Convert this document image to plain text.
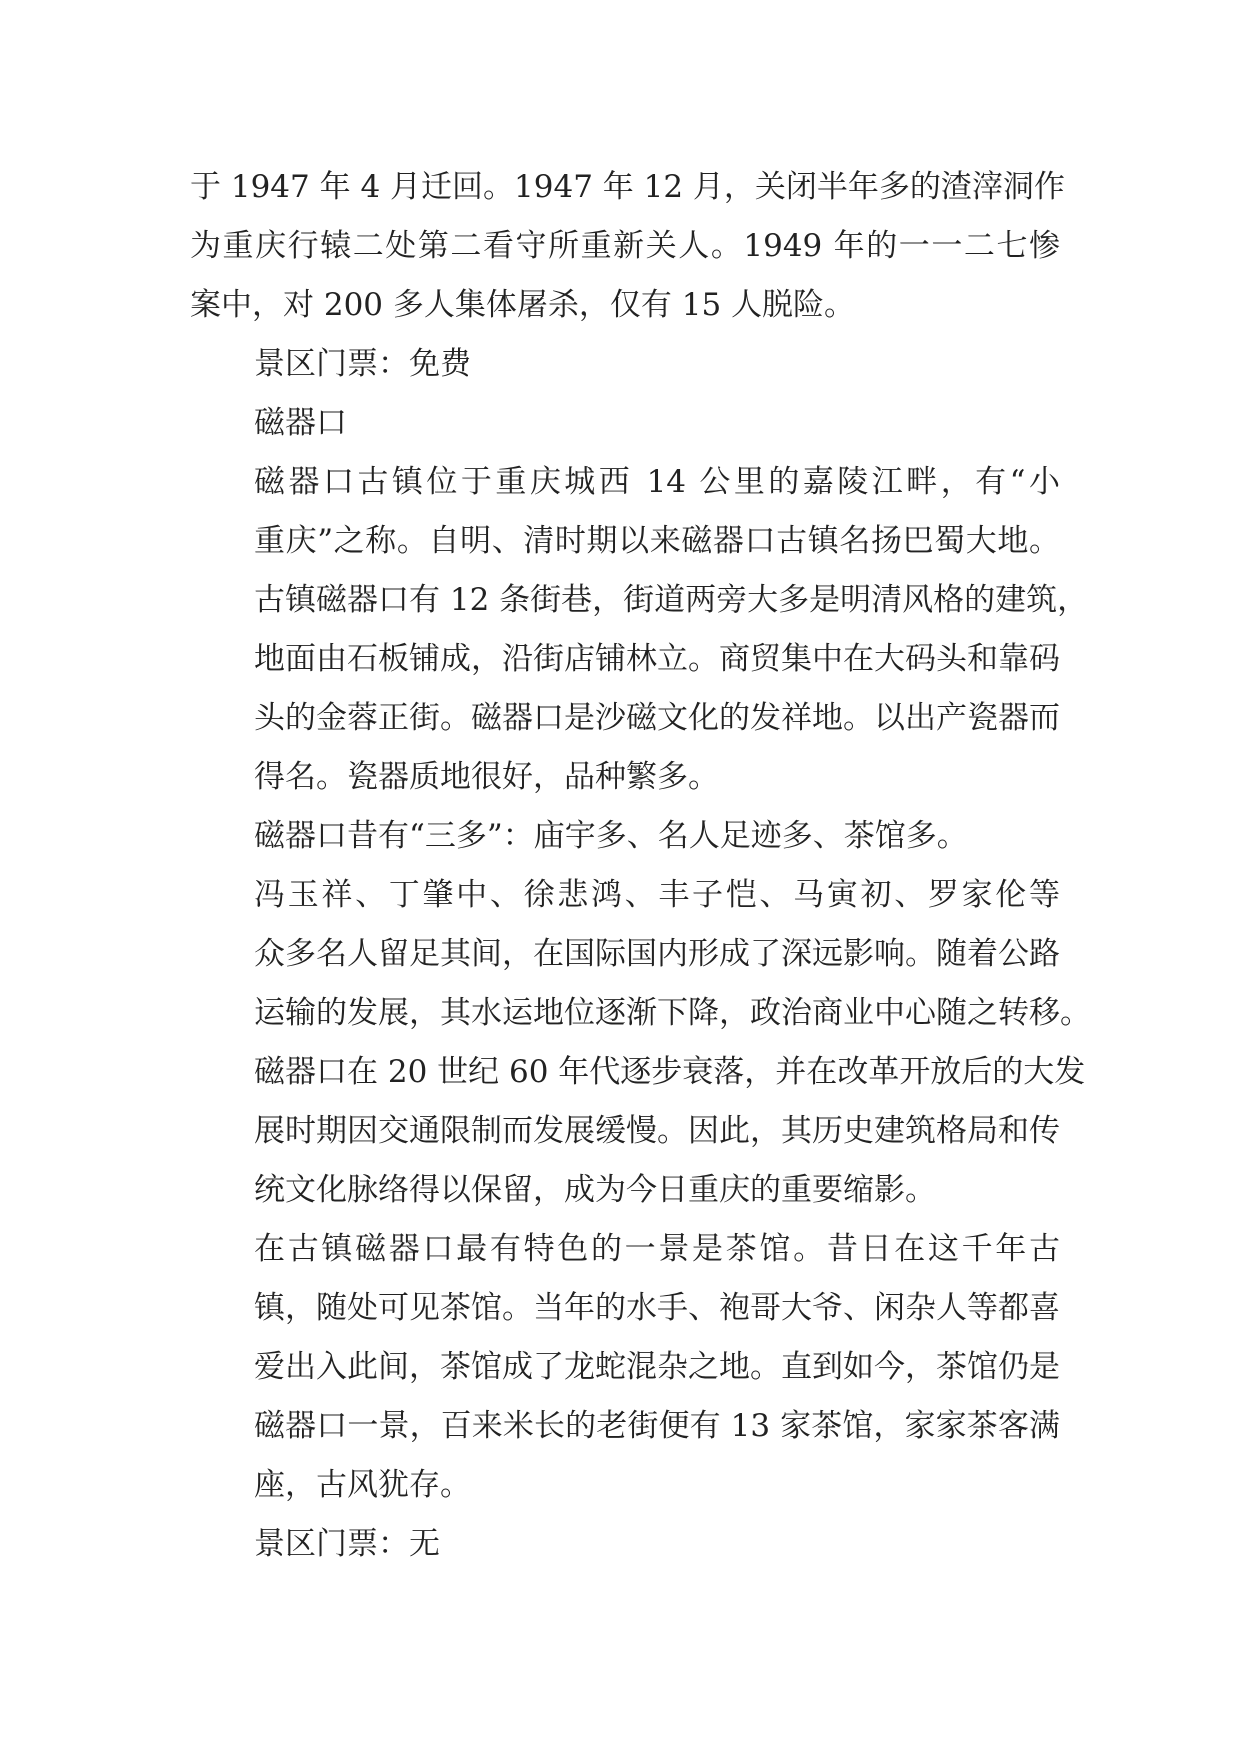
于 1947 年 4 月迁回。1947 年 12 月，关闭半年多的渣滓洞作
为重庆行辕二处第二看守所重新关人。1949 年的一一二七惨
案中，对 200 多人集体屠杀，仅有 15 人脱险。

景区门票：免费

磁器口

磁器口古镇位于重庆城西 14 公里的嘉陵江畔，有“小
重庆”之称。自明、清时期以来磁器口古镇名扬巴蜀大地。
古镇磁器口有 12 条街巷，街道两旁大多是明清风格的建筑，
地面由石板铺成，沿街店铺林立。商贸集中在大码头和靠码
头的金蓉正街。磁器口是沙磁文化的发祥地。以出产瓷器而
得名。瓷器质地很好，品种繁多。

磁器口昔有“三多”：庙宇多、名人足迹多、茶馆多。

冯玉祥、丁肇中、徐悲鸿、丰子恺、马寅初、罗家伦等
众多名人留足其间，在国际国内形成了深远影响。随着公路
运输的发展，其水运地位逐渐下降，政治商业中心随之转移。
磁器口在 20 世纪 60 年代逐步衰落，并在改革开放后的大发
展时期因交通限制而发展缓慢。因此，其历史建筑格局和传
统文化脉络得以保留，成为今日重庆的重要缩影。

在古镇磁器口最有特色的一景是茶馆。昔日在这千年古
镇，随处可见茶馆。当年的水手、袍哥大爷、闲杂人等都喜
爱出入此间，茶馆成了龙蛇混杂之地。直到如今，茶馆仍是
磁器口一景，百来米长的老街便有 13 家茶馆，家家茶客满
座，古风犹存。

景区门票：无
